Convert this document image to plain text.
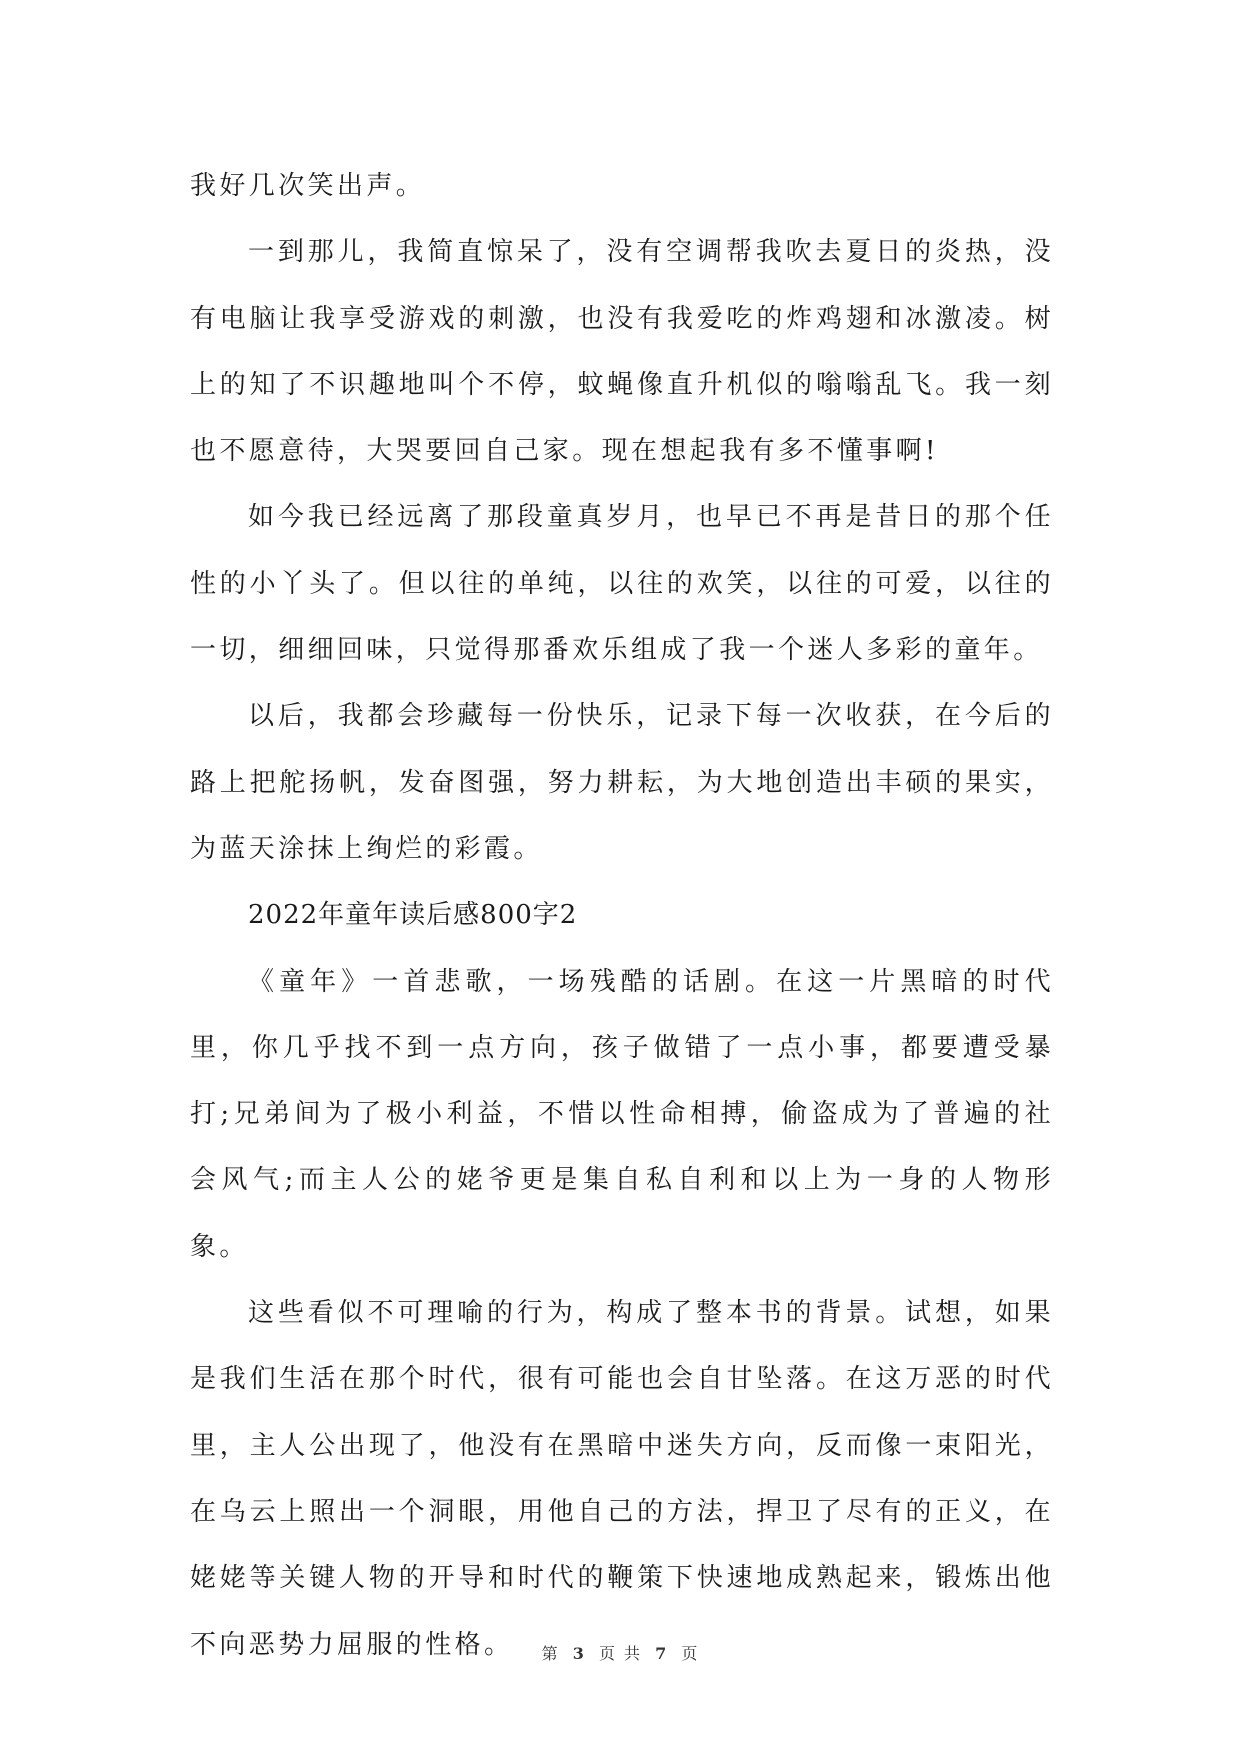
我好几次笑出声。

一到那儿，我简直惊呆了，没有空调帮我吹去夏日的炎热，没有电脑让我享受游戏的刺激，也没有我爱吃的炸鸡翅和冰激凌。树上的知了不识趣地叫个不停，蚊蝇像直升机似的嗡嗡乱飞。我一刻也不愿意待，大哭要回自己家。现在想起我有多不懂事啊!

如今我已经远离了那段童真岁月，也早已不再是昔日的那个任性的小丫头了。但以往的单纯，以往的欢笑，以往的可爱，以往的一切，细细回味，只觉得那番欢乐组成了我一个迷人多彩的童年。

以后，我都会珍藏每一份快乐，记录下每一次收获，在今后的路上把舵扬帆，发奋图强，努力耕耘，为大地创造出丰硕的果实，为蓝天涂抹上绚烂的彩霞。

2022年童年读后感800字2

《童年》一首悲歌，一场残酷的话剧。在这一片黑暗的时代里，你几乎找不到一点方向，孩子做错了一点小事，都要遭受暴打;兄弟间为了极小利益，不惜以性命相搏，偷盗成为了普遍的社会风气;而主人公的姥爷更是集自私自利和以上为一身的人物形象。

这些看似不可理喻的行为，构成了整本书的背景。试想，如果是我们生活在那个时代，很有可能也会自甘坠落。在这万恶的时代里，主人公出现了，他没有在黑暗中迷失方向，反而像一束阳光，在乌云上照出一个洞眼，用他自己的方法，捍卫了尽有的正义，在姥姥等关键人物的开导和时代的鞭策下快速地成熟起来，锻炼出他不向恶势力屈服的性格。	第 3 页 共 7 页
